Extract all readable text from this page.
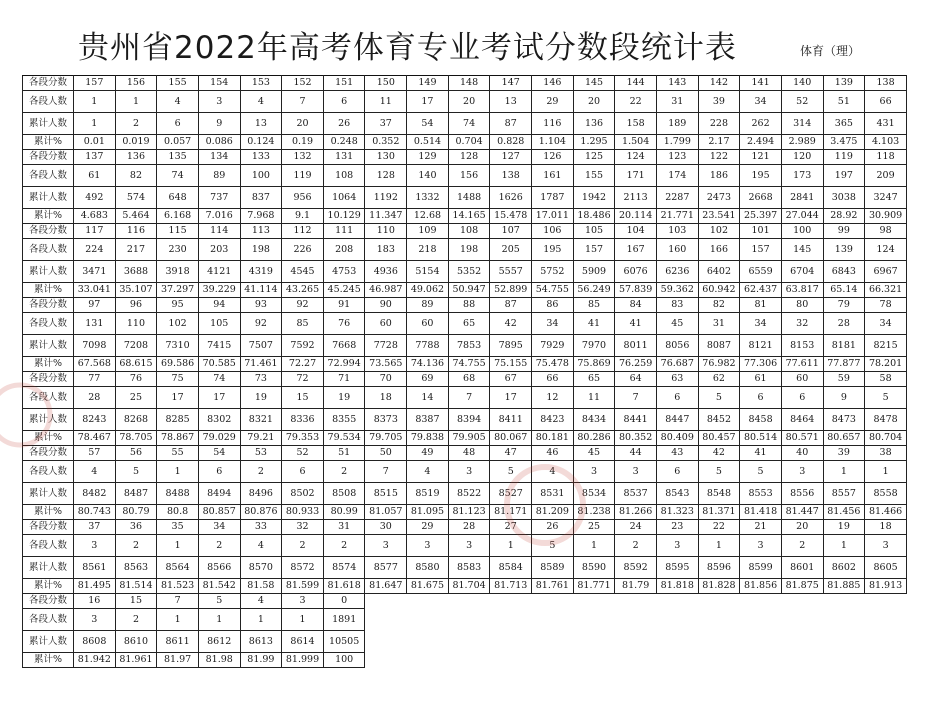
贵州省2022年高考体育专业考试分数段统计表	体育（理）
各段分数	157	156	155	154	153	152	151	150	149	148	147	146	145	144	143	142	141	140	139	138
各段人数	1	1	4	3	4	7	6	11	17	20	13	29	20	22	31	39	34	52	51	66
累计人数	1	2	6	9	13	20	26	37	54	74	87	116	136	158	189	228	262	314	365	431
累计%	0.01	0.019	0.057	0.086	0.124	0.19	0.248	0.352	0.514	0.704	0.828	1.104	1.295	1.504	1.799	2.17	2.494	2.989	3.475	4.103
各段分数	137	136	135	134	133	132	131	130	129	128	127	126	125	124	123	122	121	120	119	118
各段人数	61	82	74	89	100	119	108	128	140	156	138	161	155	171	174	186	195	173	197	209
累计人数	492	574	648	737	837	956	1064	1192	1332	1488	1626	1787	1942	2113	2287	2473	2668	2841	3038	3247
累计%	4.683	5.464	6.168	7.016	7.968	9.1	10.129	11.347	12.68	14.165	15.478	17.011	18.486	20.114	21.771	23.541	25.397	27.044	28.92	30.909
各段分数	117	116	115	114	113	112	111	110	109	108	107	106	105	104	103	102	101	100	99	98
各段人数	224	217	230	203	198	226	208	183	218	198	205	195	157	167	160	166	157	145	139	124
累计人数	3471	3688	3918	4121	4319	4545	4753	4936	5154	5352	5557	5752	5909	6076	6236	6402	6559	6704	6843	6967
累计%	33.041	35.107	37.297	39.229	41.114	43.265	45.245	46.987	49.062	50.947	52.899	54.755	56.249	57.839	59.362	60.942	62.437	63.817	65.14	66.321
各段分数	97	96	95	94	93	92	91	90	89	88	87	86	85	84	83	82	81	80	79	78
各段人数	131	110	102	105	92	85	76	60	60	65	42	34	41	41	45	31	34	32	28	34
累计人数	7098	7208	7310	7415	7507	7592	7668	7728	7788	7853	7895	7929	7970	8011	8056	8087	8121	8153	8181	8215
累计%	67.568	68.615	69.586	70.585	71.461	72.27	72.994	73.565	74.136	74.755	75.155	75.478	75.869	76.259	76.687	76.982	77.306	77.611	77.877	78.201
各段分数	77	76	75	74	73	72	71	70	69	68	67	66	65	64	63	62	61	60	59	58
各段人数	28	25	17	17	19	15	19	18	14	7	17	12	11	7	6	5	6	6	9	5
累计人数	8243	8268	8285	8302	8321	8336	8355	8373	8387	8394	8411	8423	8434	8441	8447	8452	8458	8464	8473	8478
累计%	78.467	78.705	78.867	79.029	79.21	79.353	79.534	79.705	79.838	79.905	80.067	80.181	80.286	80.352	80.409	80.457	80.514	80.571	80.657	80.704
各段分数	57	56	55	54	53	52	51	50	49	48	47	46	45	44	43	42	41	40	39	38
各段人数	4	5	1	6	2	6	2	7	4	3	5	4	3	3	6	5	5	3	1	1
累计人数	8482	8487	8488	8494	8496	8502	8508	8515	8519	8522	8527	8531	8534	8537	8543	8548	8553	8556	8557	8558
累计%	80.743	80.79	80.8	80.857	80.876	80.933	80.99	81.057	81.095	81.123	81.171	81.209	81.238	81.266	81.323	81.371	81.418	81.447	81.456	81.466
各段分数	37	36	35	34	33	32	31	30	29	28	27	26	25	24	23	22	21	20	19	18
各段人数	3	2	1	2	4	2	2	3	3	3	1	5	1	2	3	1	3	2	1	3
累计人数	8561	8563	8564	8566	8570	8572	8574	8577	8580	8583	8584	8589	8590	8592	8595	8596	8599	8601	8602	8605
累计%	81.495	81.514	81.523	81.542	81.58	81.599	81.618	81.647	81.675	81.704	81.713	81.761	81.771	81.79	81.818	81.828	81.856	81.875	81.885	81.913
各段分数	16	15	7	5	4	3	0													
各段人数	3	2	1	1	1	1	1891													
累计人数	8608	8610	8611	8612	8613	8614	10505													
累计%	81.942	81.961	81.97	81.98	81.99	81.999	100													
